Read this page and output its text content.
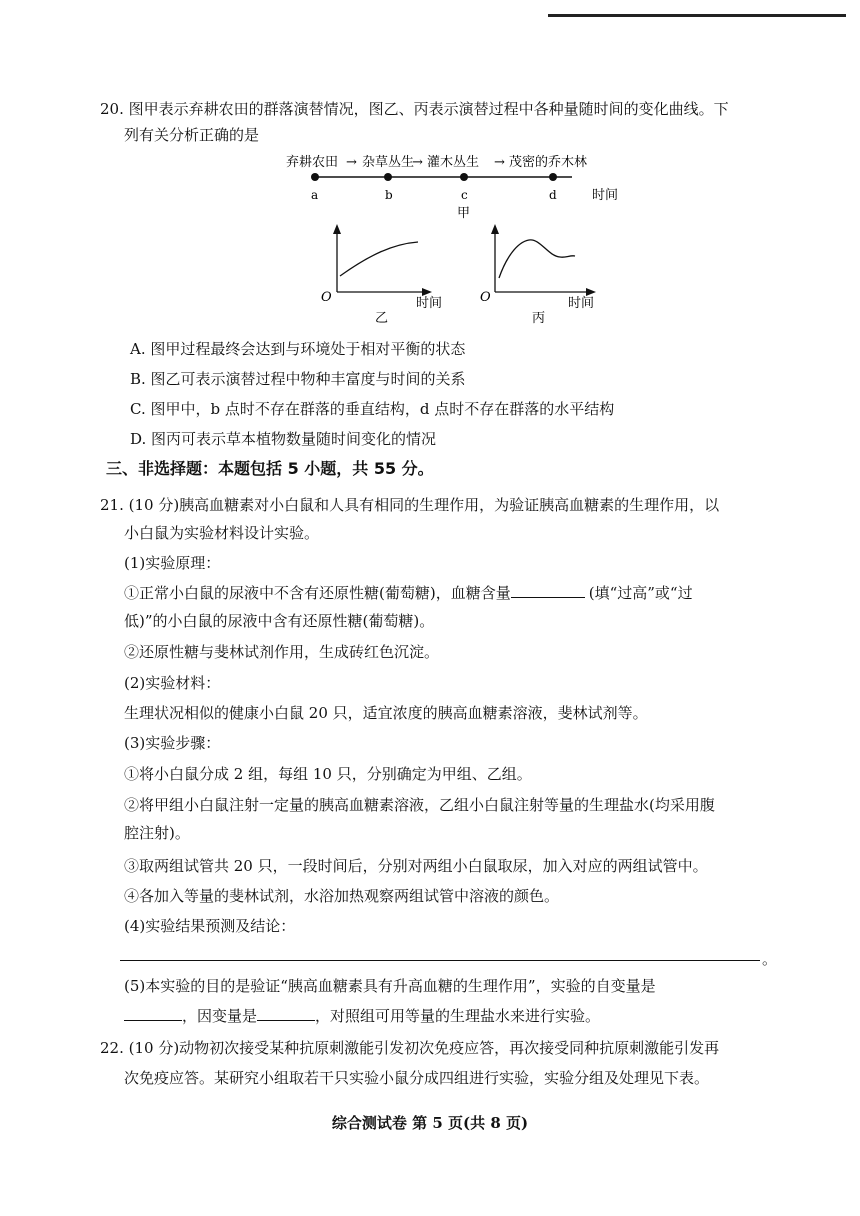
20. 图甲表示弃耕农田的群落演替情况，图乙、丙表示演替过程中各种量随时间的变化曲线。下
列有关分析正确的是
弃耕农田 → 杂草丛生
→ 灌木丛生 → 茂密的乔木林
a	b	c	d	时间
甲
O	时间
乙
O	时间
丙
A. 图甲过程最终会达到与环境处于相对平衡的状态
B. 图乙可表示演替过程中物种丰富度与时间的关系
C. 图甲中，b 点时不存在群落的垂直结构，d 点时不存在群落的水平结构
D. 图丙可表示草本植物数量随时间变化的情况
三、非选择题：本题包括 5 小题，共 55 分。
21. (10 分)胰高血糖素对小白鼠和人具有相同的生理作用，为验证胰高血糖素的生理作用，以
小白鼠为实验材料设计实验。
(1)实验原理：
①正常小白鼠的尿液中不含有还原性糖(葡萄糖)，血糖含量	(填“过高”或“过
低)”的小白鼠的尿液中含有还原性糖(葡萄糖)。
②还原性糖与斐林试剂作用，生成砖红色沉淀。
(2)实验材料：
生理状况相似的健康小白鼠 20 只，适宜浓度的胰高血糖素溶液，斐林试剂等。
(3)实验步骤：
①将小白鼠分成 2 组，每组 10 只，分别确定为甲组、乙组。
②将甲组小白鼠注射一定量的胰高血糖素溶液，乙组小白鼠注射等量的生理盐水(均采用腹
腔注射)。
③取两组试管共 20 只，一段时间后，分别对两组小白鼠取尿，加入对应的两组试管中。
④各加入等量的斐林试剂，水浴加热观察两组试管中溶液的颜色。
(4)实验结果预测及结论：
。
(5)本实验的目的是验证“胰高血糖素具有升高血糖的生理作用”，实验的自变量是
，因变量是	，对照组可用等量的生理盐水来进行实验。
22. (10 分)动物初次接受某种抗原刺激能引发初次免疫应答，再次接受同种抗原刺激能引发再
次免疫应答。某研究小组取若干只实验小鼠分成四组进行实验，实验分组及处理见下表。
综合测试卷 第 5 页(共 8 页)
